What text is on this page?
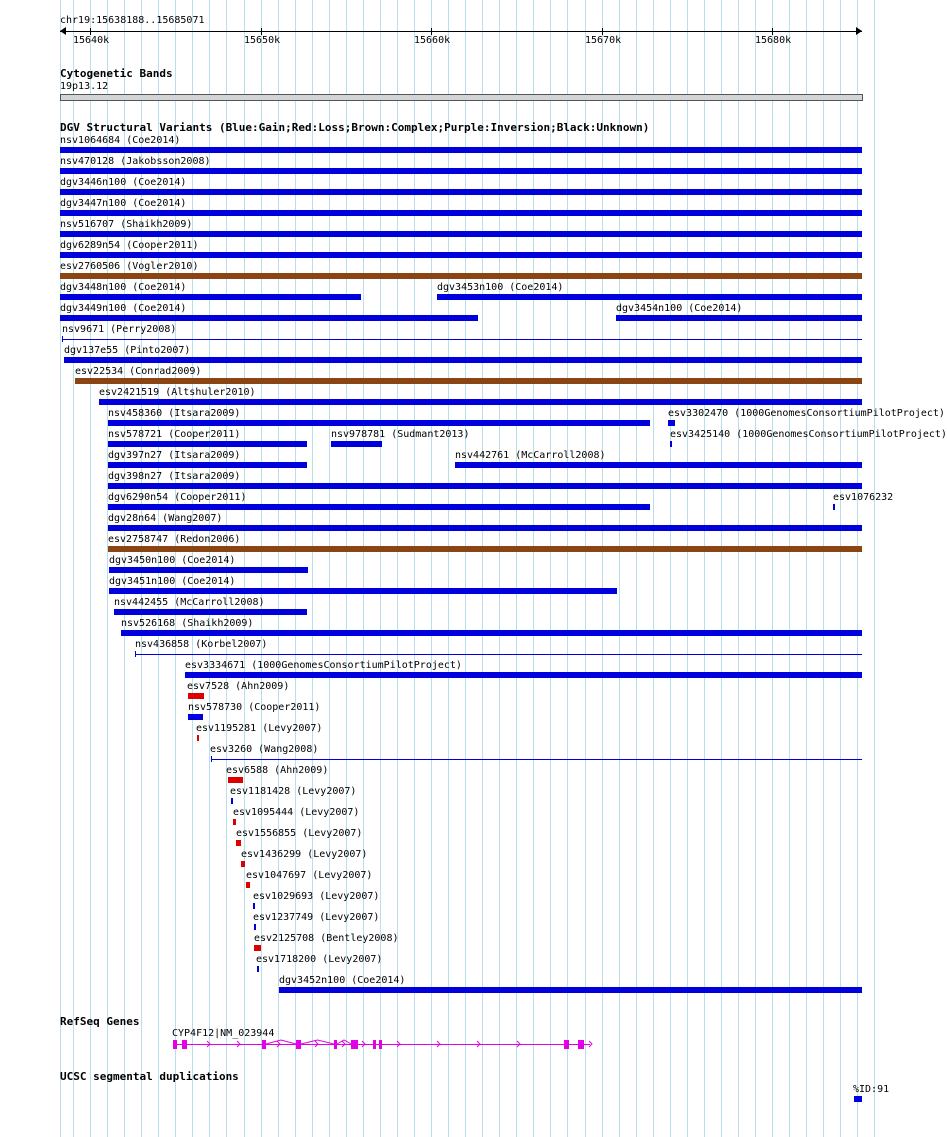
chr19:15638188..15685071
15640k	15650k	15660k	15670k	15680k
Cytogenetic Bands
19p13.12
DGV Structural Variants (Blue:Gain;Red:Loss;Brown:Complex;Purple:Inversion;Black:Unknown)
nsv1064684 (Coe2014)
nsv470128 (Jakobsson2008)
dgv3446n100 (Coe2014)
dgv3447n100 (Coe2014)
nsv516707 (Shaikh2009)
dgv6289n54 (Cooper2011)
esv2760506 (Vogler2010)
dgv3448n100 (Coe2014)	dgv3453n100 (Coe2014)
dgv3449n100 (Coe2014)	dgv3454n100 (Coe2014)
nsv9671 (Perry2008)
dgv137e55 (Pinto2007)
esv22534 (Conrad2009)
esv2421519 (Altshuler2010)
nsv458360 (Itsara2009)	esv3302470 (1000GenomesConsortiumPilotProject)
nsv578721 (Cooper2011)	nsv978781 (Sudmant2013)	esv3425140 (1000GenomesConsortiumPilotProject)
dgv397n27 (Itsara2009)	nsv442761 (McCarroll2008)
dgv398n27 (Itsara2009)
dgv6290n54 (Cooper2011)	esv1076232
dgv28n64 (Wang2007)
esv2758747 (Redon2006)
dgv3450n100 (Coe2014)
dgv3451n100 (Coe2014)
nsv442455 (McCarroll2008)
nsv526168 (Shaikh2009)
nsv436858 (Korbel2007)
esv3334671 (1000GenomesConsortiumPilotProject)
esv7528 (Ahn2009)
nsv578730 (Cooper2011)
esv1195281 (Levy2007)
esv3260 (Wang2008)
esv6588 (Ahn2009)
esv1181428 (Levy2007)
esv1095444 (Levy2007)
esv1556855 (Levy2007)
esv1436299 (Levy2007)
esv1047697 (Levy2007)
esv1029693 (Levy2007)
esv1237749 (Levy2007)
esv2125708 (Bentley2008)
esv1718200 (Levy2007)
dgv3452n100 (Coe2014)
RefSeq Genes
CYP4F12|NM_023944
UCSC segmental duplications
%ID:91
